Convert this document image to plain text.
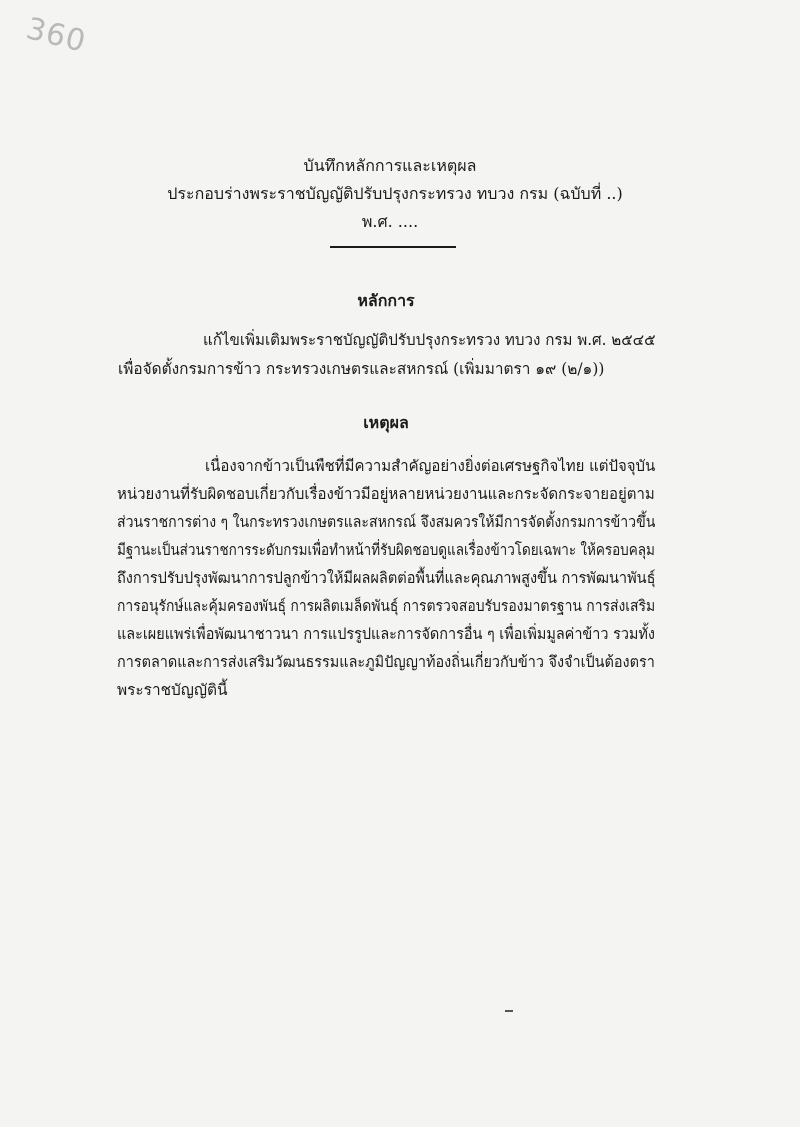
360
บันทึกหลักการและเหตุผล
ประกอบร่างพระราชบัญญัติปรับปรุงกระทรวง ทบวง กรม (ฉบับที่ ..)
พ.ศ. ....
หลักการ
แก้ไขเพิ่มเติมพระราชบัญญัติปรับปรุงกระทรวง ทบวง กรม พ.ศ. ๒๕๔๕
เพื่อจัดตั้งกรมการข้าว กระทรวงเกษตรและสหกรณ์ (เพิ่มมาตรา ๑๙ (๒/๑))
เหตุผล
เนื่องจากข้าวเป็นพืชที่มีความสำคัญอย่างยิ่งต่อเศรษฐกิจไทย แต่ปัจจุบัน
หน่วยงานที่รับผิดชอบเกี่ยวกับเรื่องข้าวมีอยู่หลายหน่วยงานและกระจัดกระจายอยู่ตาม
ส่วนราชการต่าง ๆ ในกระทรวงเกษตรและสหกรณ์ จึงสมควรให้มีการจัดตั้งกรมการข้าวขึ้น
มีฐานะเป็นส่วนราชการระดับกรมเพื่อทำหน้าที่รับผิดชอบดูแลเรื่องข้าวโดยเฉพาะ ให้ครอบคลุม
ถึงการปรับปรุงพัฒนาการปลูกข้าวให้มีผลผลิตต่อพื้นที่และคุณภาพสูงขึ้น การพัฒนาพันธุ์
การอนุรักษ์และคุ้มครองพันธุ์ การผลิตเมล็ดพันธุ์ การตรวจสอบรับรองมาตรฐาน การส่งเสริม
และเผยแพร่เพื่อพัฒนาชาวนา การแปรรูปและการจัดการอื่น ๆ เพื่อเพิ่มมูลค่าข้าว รวมทั้ง
การตลาดและการส่งเสริมวัฒนธรรมและภูมิปัญญาท้องถิ่นเกี่ยวกับข้าว จึงจำเป็นต้องตรา
พระราชบัญญัตินี้
